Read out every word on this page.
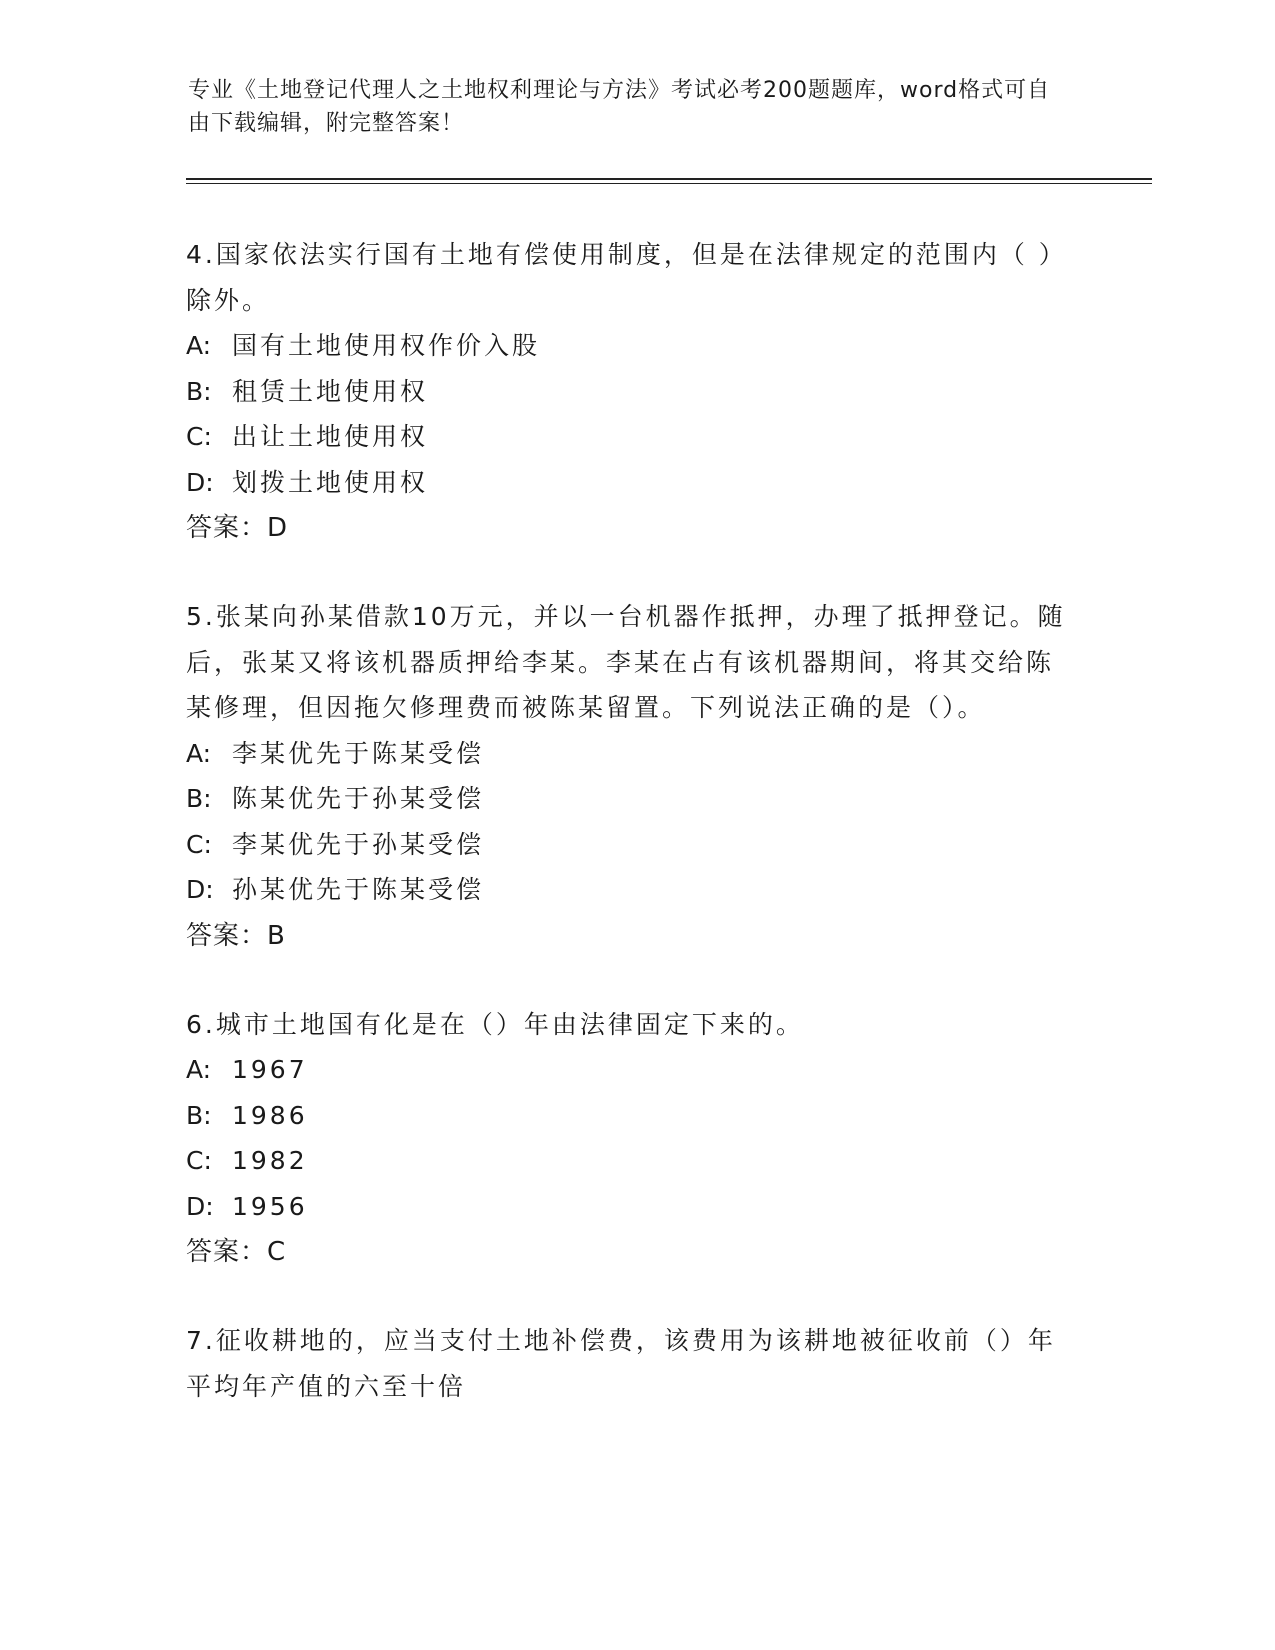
专业《土地登记代理人之土地权利理论与方法》考试必考200题题库，word格式可自由下载编辑，附完整答案！
4.国家依法实行国有土地有偿使用制度，但是在法律规定的范围内（ ）除外。
A: 国有土地使用权作价入股
B: 租赁土地使用权
C: 出让土地使用权
D: 划拨土地使用权
答案：D
5.张某向孙某借款10万元，并以一台机器作抵押，办理了抵押登记。随后，张某又将该机器质押给李某。李某在占有该机器期间，将其交给陈某修理，但因拖欠修理费而被陈某留置。下列说法正确的是（）。
A: 李某优先于陈某受偿
B: 陈某优先于孙某受偿
C: 李某优先于孙某受偿
D: 孙某优先于陈某受偿
答案：B
6.城市土地国有化是在（）年由法律固定下来的。
A: 1967
B: 1986
C: 1982
D: 1956
答案：C
7.征收耕地的，应当支付土地补偿费，该费用为该耕地被征收前（）年平均年产值的六至十倍
